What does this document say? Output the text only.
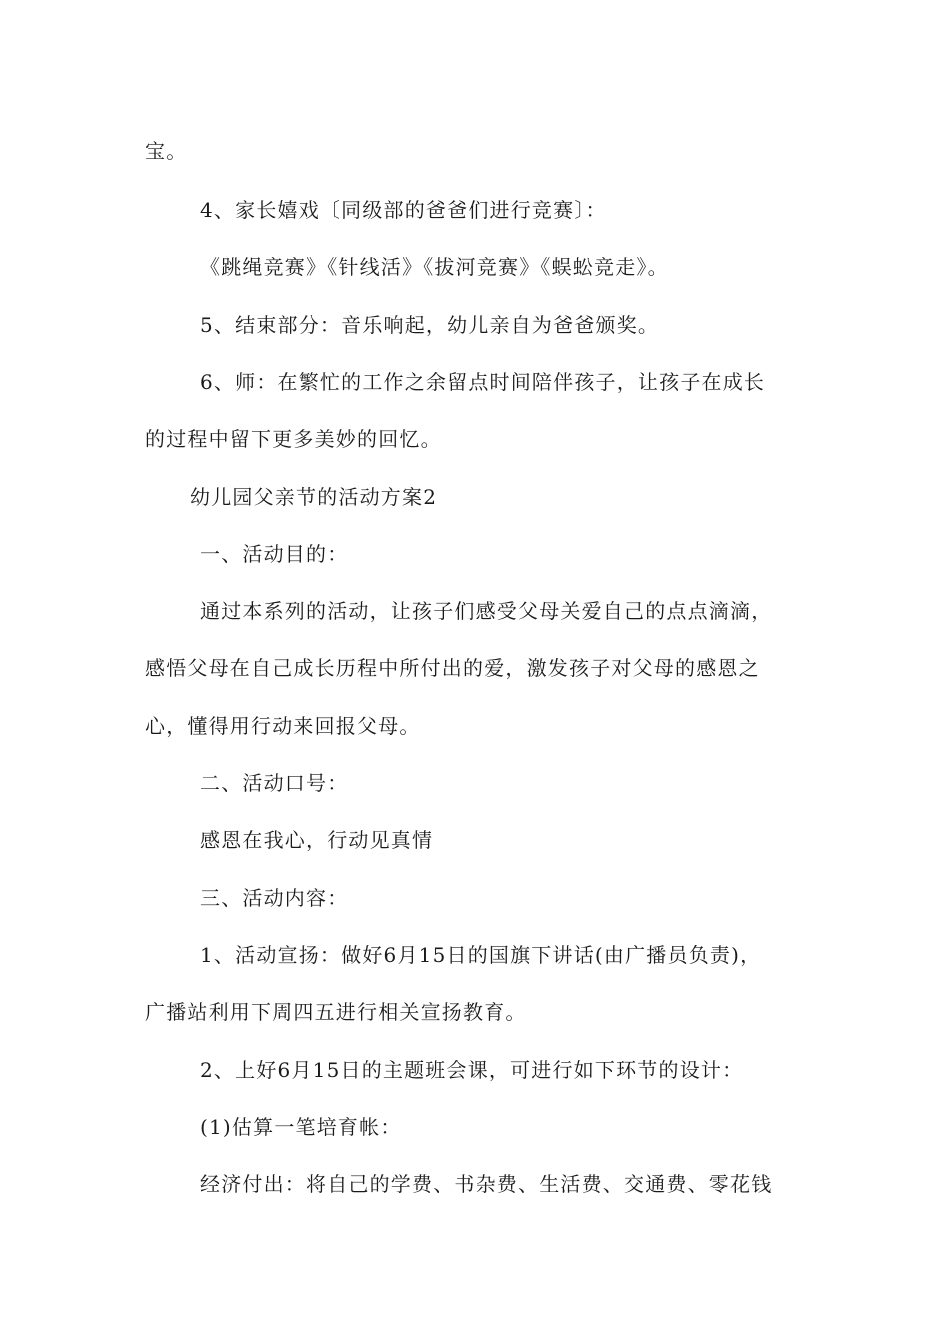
宝。
4、家长嬉戏〔同级部的爸爸们进行竞赛〕：
《跳绳竞赛》《针线活》《拔河竞赛》《蜈蚣竞走》。
5、结束部分：音乐响起，幼儿亲自为爸爸颁奖。
6、师：在繁忙的工作之余留点时间陪伴孩子，让孩子在成长
的过程中留下更多美妙的回忆。
幼儿园父亲节的活动方案2
一、活动目的：
通过本系列的活动，让孩子们感受父母关爱自己的点点滴滴，
感悟父母在自己成长历程中所付出的爱，激发孩子对父母的感恩之
心，懂得用行动来回报父母。
二、活动口号：
感恩在我心，行动见真情
三、活动内容：
1、活动宣扬：做好6月15日的国旗下讲话(由广播员负责)，
广播站利用下周四五进行相关宣扬教育。
2、上好6月15日的主题班会课，可进行如下环节的设计：
(1)估算一笔培育帐：
经济付出：将自己的学费、书杂费、生活费、交通费、零花钱
